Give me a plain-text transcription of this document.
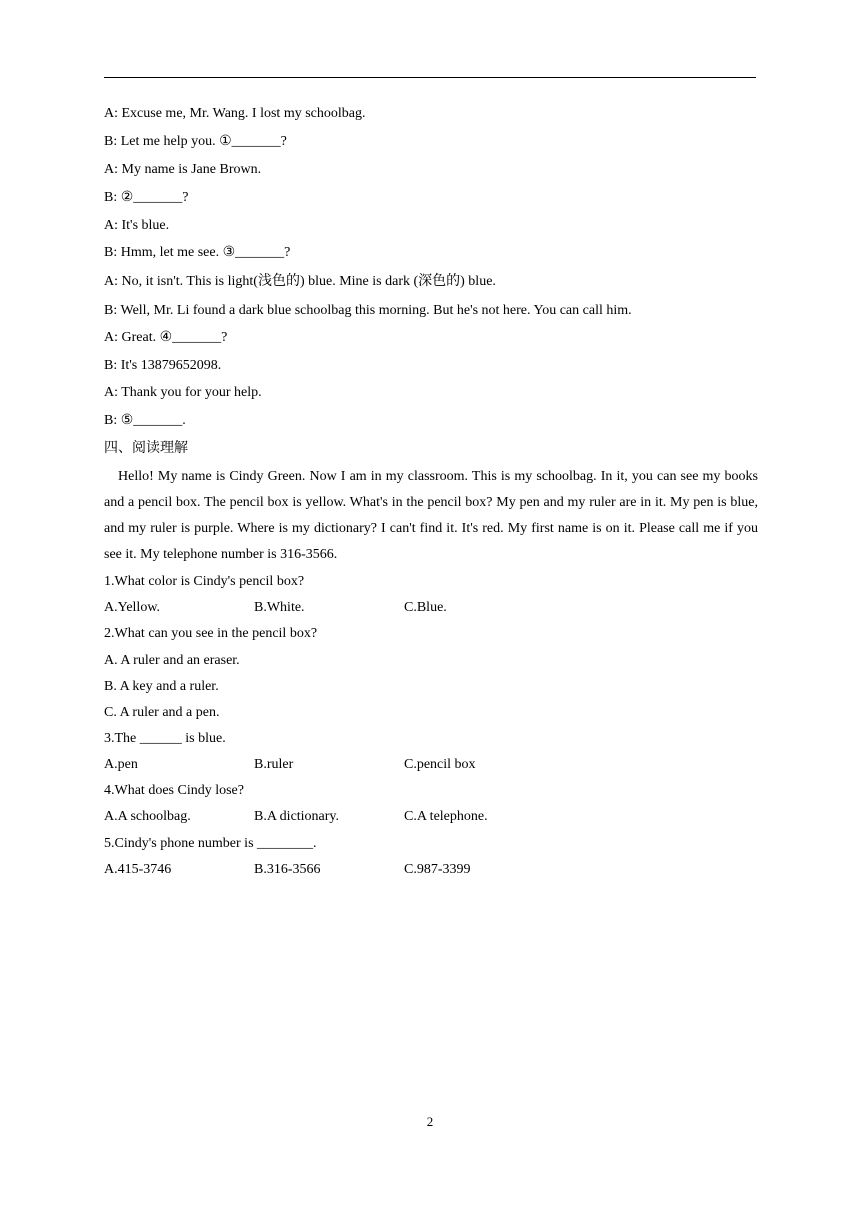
A: Excuse me, Mr. Wang. I lost my schoolbag.
B: Let me help you. ①_______?
A: My name is Jane Brown.
B: ②_______?
A: It's blue.
B: Hmm, let me see. ③_______?
A: No, it isn't. This is light(浅色的) blue. Mine is dark (深色的) blue.
B: Well, Mr. Li found a dark blue schoolbag this morning. But he's not here. You can call him.
A: Great. ④_______?
B: It's 13879652098.
A: Thank you for your help.
B: ⑤_______.
四、阅读理解
Hello! My name is Cindy Green. Now I am in my classroom. This is my schoolbag. In it, you can see my books and a pencil box. The pencil box is yellow. What's in the pencil box? My pen and my ruler are in it. My pen is blue, and my ruler is purple. Where is my dictionary? I can't find it. It's red. My first name is on it. Please call me if you see it. My telephone number is 316-3566.
1.What color is Cindy's pencil box?
A.Yellow.	B.White.	C.Blue.
2.What can you see in the pencil box?
A. A ruler and an eraser.
B. A key and a ruler.
C. A ruler and a pen.
3.The ______ is blue.
A.pen	B.ruler	C.pencil box
4.What does Cindy lose?
A.A schoolbag.	B.A dictionary.	C.A telephone.
5.Cindy's phone number is ________.
A.415-3746	B.316-3566	C.987-3399
2
